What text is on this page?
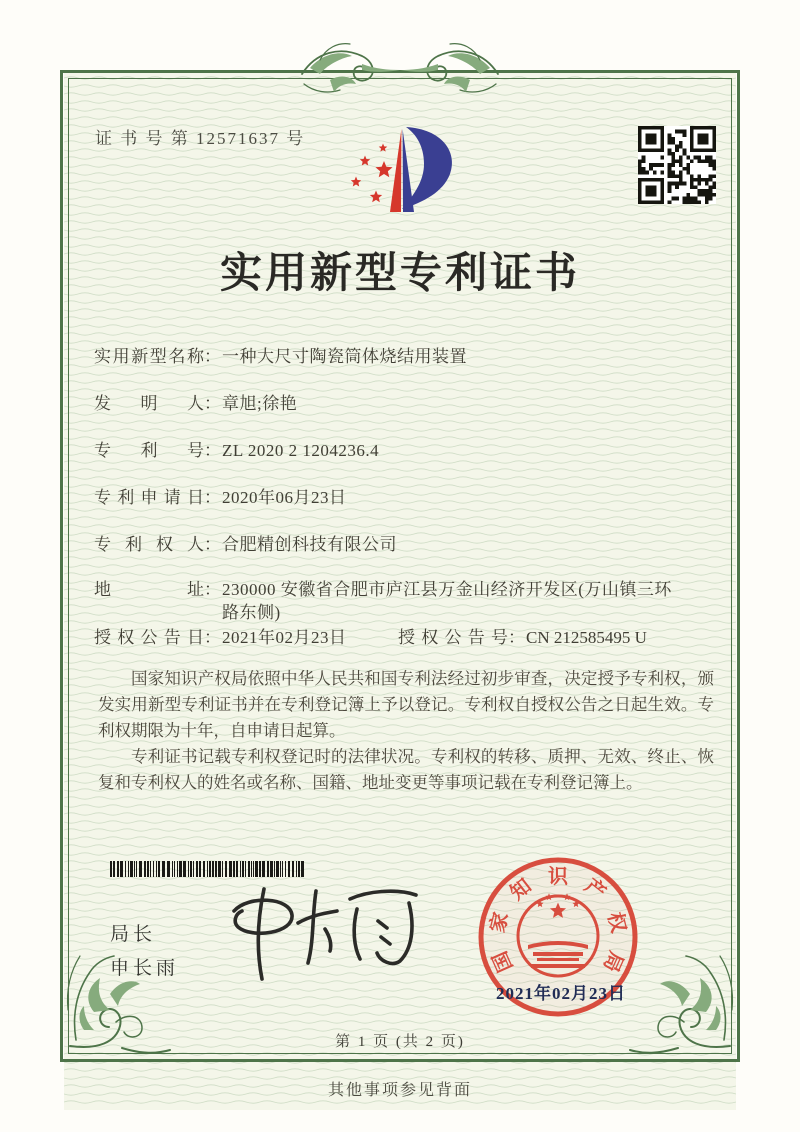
证 书 号 第 12571637 号
实用新型专利证书
实用新型名称：一种大尺寸陶瓷筒体烧结用装置
发明人：章旭;徐艳
专利号：ZL 2020 2 1204236.4
专利申请日：2020年06月23日
专利权人：合肥精创科技有限公司
地址：230000 安徽省合肥市庐江县万金山经济开发区(万山镇三环路东侧)
授权公告日：2021年02月23日	授权公告号：CN 212585495 U

国家知识产权局依照中华人民共和国专利法经过初步审查，决定授予专利权，颁发实用新型专利证书并在专利登记簿上予以登记。专利权自授权公告之日起生效。专利权期限为十年，自申请日起算。

专利证书记载专利权登记时的法律状况。专利权的转移、质押、无效、终止、恢复和专利权人的姓名或名称、国籍、地址变更等事项记载在专利登记簿上。

局长
申长雨	国
家
知 识 产
权
局
2021年02月23日
第 1 页 (共 2 页)
其他事项参见背面
